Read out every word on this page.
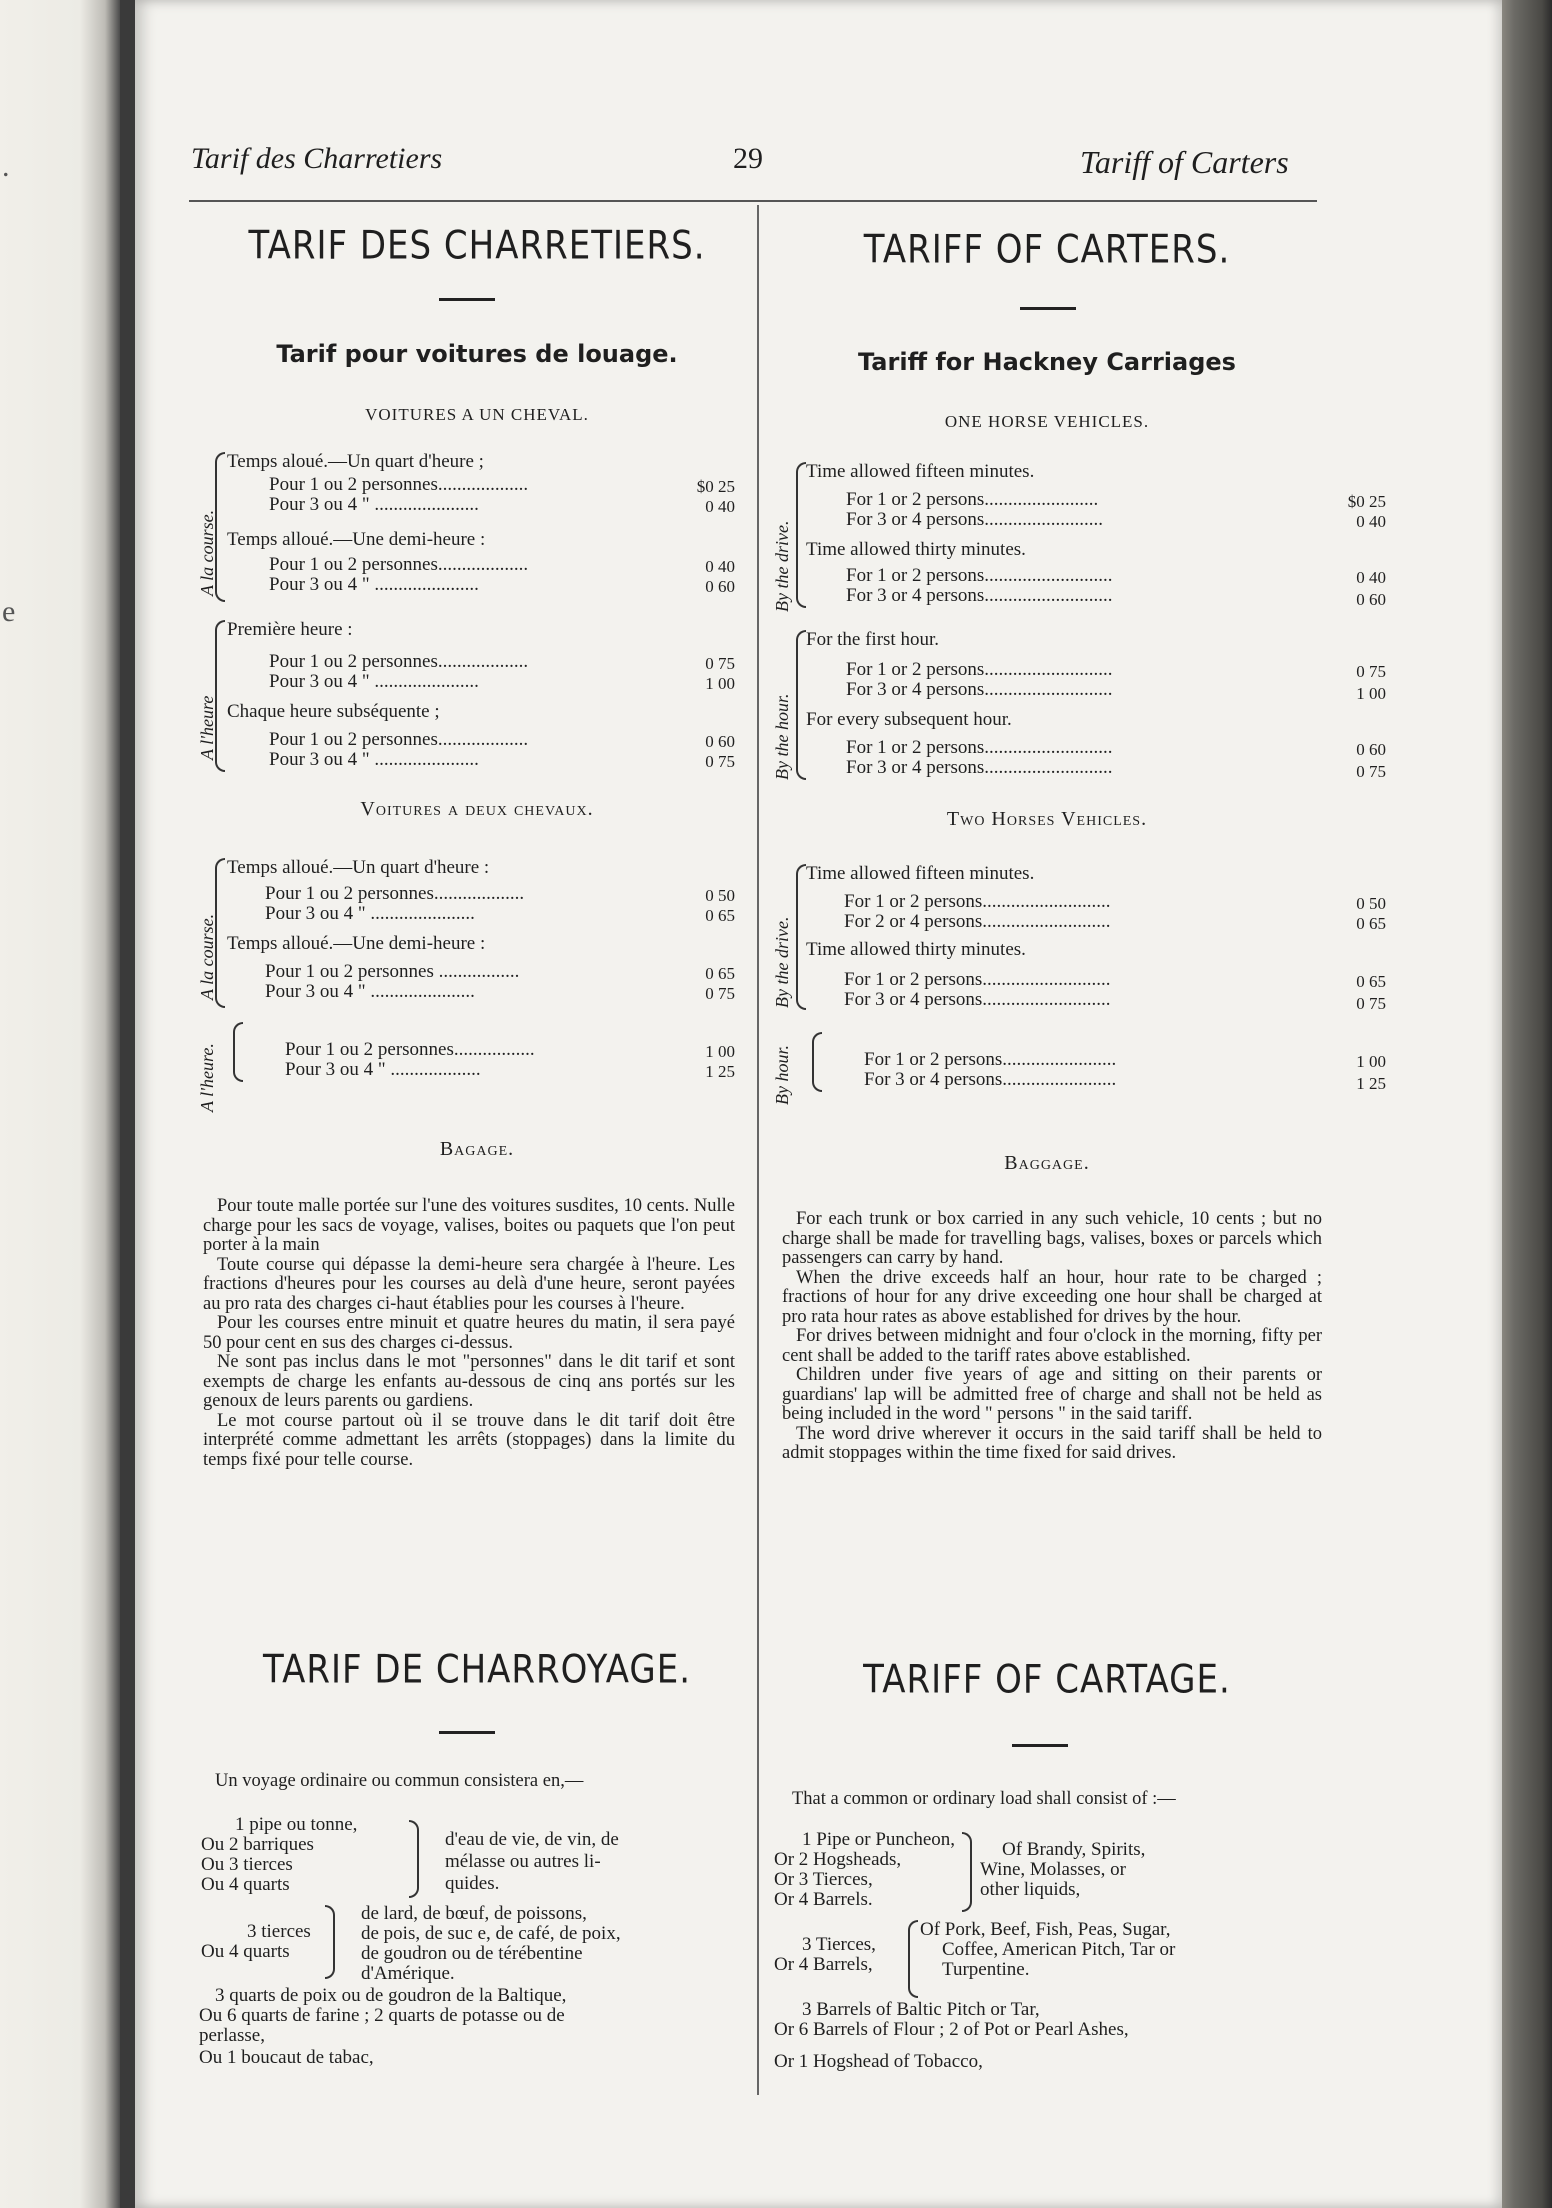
.
e
Tarif des Charretiers	29	Tariff of Carters
TARIF DES CHARRETIERS.
Tarif pour voitures de louage.
VOITURES A UN CHEVAL.
A la course.
A l'heure
Temps aloué.—Un quart d'heure ;
Pour 1 ou 2 personnes...................	$0 25
Pour 3 ou 4 " ......................	0 40
Temps alloué.—Une demi-heure :
Pour 1 ou 2 personnes...................	0 40
Pour 3 ou 4 " ......................	0 60
Première heure :
Pour 1 ou 2 personnes...................	0 75
Pour 3 ou 4 " ......................	1 00
Chaque heure subséquente ;
Pour 1 ou 2 personnes...................	0 60
Pour 3 ou 4 " ......................	0 75
Voitures a deux chevaux.
A la course.
A l'heure.
Temps alloué.—Un quart d'heure :
Pour 1 ou 2 personnes...................	0 50
Pour 3 ou 4 " ......................	0 65
Temps alloué.—Une demi-heure :
Pour 1 ou 2 personnes .................	0 65
Pour 3 ou 4 " ......................	0 75
Pour 1 ou 2 personnes.................	1 00
Pour 3 ou 4 " ...................	1 25
Bagage.

Pour toute malle portée sur l'une des voitures susdites, 10 cents. Nulle charge pour les sacs de voyage, valises, boites ou paquets que l'on peut porter à la main

Toute course qui dépasse la demi-heure sera chargée à l'heure. Les fractions d'heures pour les courses au delà d'une heure, seront payées au pro rata des charges ci-haut établies pour les courses à l'heure.

Pour les courses entre minuit et quatre heures du matin, il sera payé 50 pour cent en sus des charges ci-dessus.

Ne sont pas inclus dans le mot "personnes" dans le dit tarif et sont exempts de charge les enfants au-dessous de cinq ans portés sur les genoux de leurs parents ou gardiens.

Le mot course partout où il se trouve dans le dit tarif doit être interprété comme admettant les arrêts (stoppages) dans la limite du temps fixé pour telle course.

TARIF DE CHARROYAGE.

Un voyage ordinaire ou commun consistera en,—

1 pipe ou tonne,
Ou 2 barriques
Ou 3 tierces
Ou 4 quarts
d'eau de vie, de vin, de
mélasse ou autres li-
quides.
3 tierces
Ou 4 quarts
de lard, de bœuf, de poissons,
de pois, de suc e, de café, de poix,
de goudron ou de térébentine
d'Amérique.
3 quarts de poix ou de goudron de la Baltique,
Ou 6 quarts de farine ; 2 quarts de potasse ou de
perlasse,
Ou 1 boucaut de tabac,
TARIFF OF CARTERS.
Tariff for Hackney Carriages
ONE HORSE VEHICLES.
By the drive.
By the hour.
Time allowed fifteen minutes.
For 1 or 2 persons........................	$0 25
For 3 or 4 persons.........................	0 40
Time allowed thirty minutes.
For 1 or 2 persons...........................	0 40
For 3 or 4 persons...........................	0 60
For the first hour.
For 1 or 2 persons...........................	0 75
For 3 or 4 persons...........................	1 00
For every subsequent hour.
For 1 or 2 persons...........................	0 60
For 3 or 4 persons...........................	0 75
Two Horses Vehicles.
By the drive.
By hour.
Time allowed fifteen minutes.
For 1 or 2 persons...........................	0 50
For 2 or 4 persons...........................	0 65
Time allowed thirty minutes.
For 1 or 2 persons...........................	0 65
For 3 or 4 persons...........................	0 75
For 1 or 2 persons........................	1 00
For 3 or 4 persons........................	1 25
Baggage.

For each trunk or box carried in any such vehicle, 10 cents ; but no charge shall be made for travelling bags, valises, boxes or parcels which passengers can carry by hand.

When the drive exceeds half an hour, hour rate to be charged ; fractions of hour for any drive exceeding one hour shall be charged at pro rata hour rates as above established for drives by the hour.

For drives between midnight and four o'clock in the morning, fifty per cent shall be added to the tariff rates above established.

Children under five years of age and sitting on their parents or guardians' lap will be admitted free of charge and shall not be held as being included in the word " persons " in the said tariff.

The word drive wherever it occurs in the said tariff shall be held to admit stoppages within the time fixed for said drives.

TARIFF OF CARTAGE.

That a common or ordinary load shall consist of :—

1 Pipe or Puncheon,
Or 2 Hogsheads,
Or 3 Tierces,
Or 4 Barrels.
Of Brandy, Spirits,
Wine, Molasses, or
other liquids,
3 Tierces,
Or 4 Barrels,
Of Pork, Beef, Fish, Peas, Sugar,
Coffee, American Pitch, Tar or
Turpentine.
3 Barrels of Baltic Pitch or Tar,
Or 6 Barrels of Flour ; 2 of Pot or Pearl Ashes,
Or 1 Hogshead of Tobacco,
